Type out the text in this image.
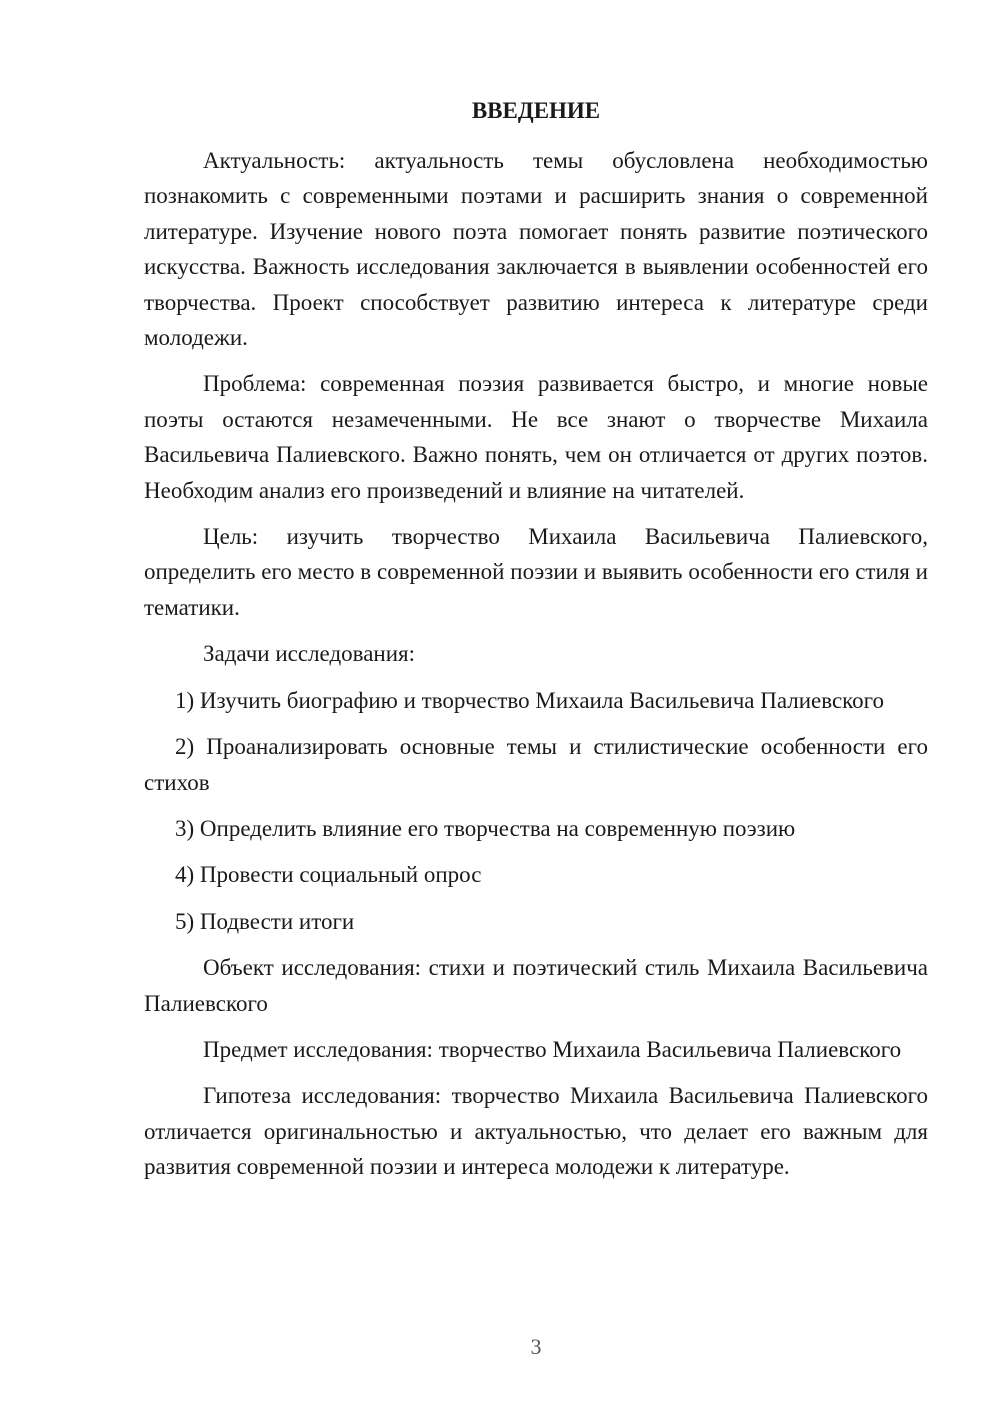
ВВЕДЕНИЕ

Актуальность: актуальность темы обусловлена необходимостью познакомить с современными поэтами и расширить знания о современной литературе. Изучение нового поэта помогает понять развитие поэтического искусства. Важность исследования заключается в выявлении особенностей его творчества. Проект способствует развитию интереса к литературе среди молодежи.

Проблема: современная поэзия развивается быстро, и многие новые поэты остаются незамеченными. Не все знают о творчестве Михаила Васильевича Палиевского. Важно понять, чем он отличается от других поэтов. Необходим анализ его произведений и влияние на читателей.

Цель: изучить творчество Михаила Васильевича Палиевского, определить его место в современной поэзии и выявить особенности его стиля и тематики.

Задачи исследования:

1) Изучить биографию и творчество Михаила Васильевича Палиевского

2) Проанализировать основные темы и стилистические особенности его стихов

3) Определить влияние его творчества на современную поэзию

4) Провести социальный опрос

5) Подвести итоги

Объект исследования: стихи и поэтический стиль Михаила Васильевича Палиевского

Предмет исследования: творчество Михаила Васильевича Палиевского

Гипотеза исследования: творчество Михаила Васильевича Палиевского отличается оригинальностью и актуальностью, что делает его важным для развития современной поэзии и интереса молодежи к литературе.

3
